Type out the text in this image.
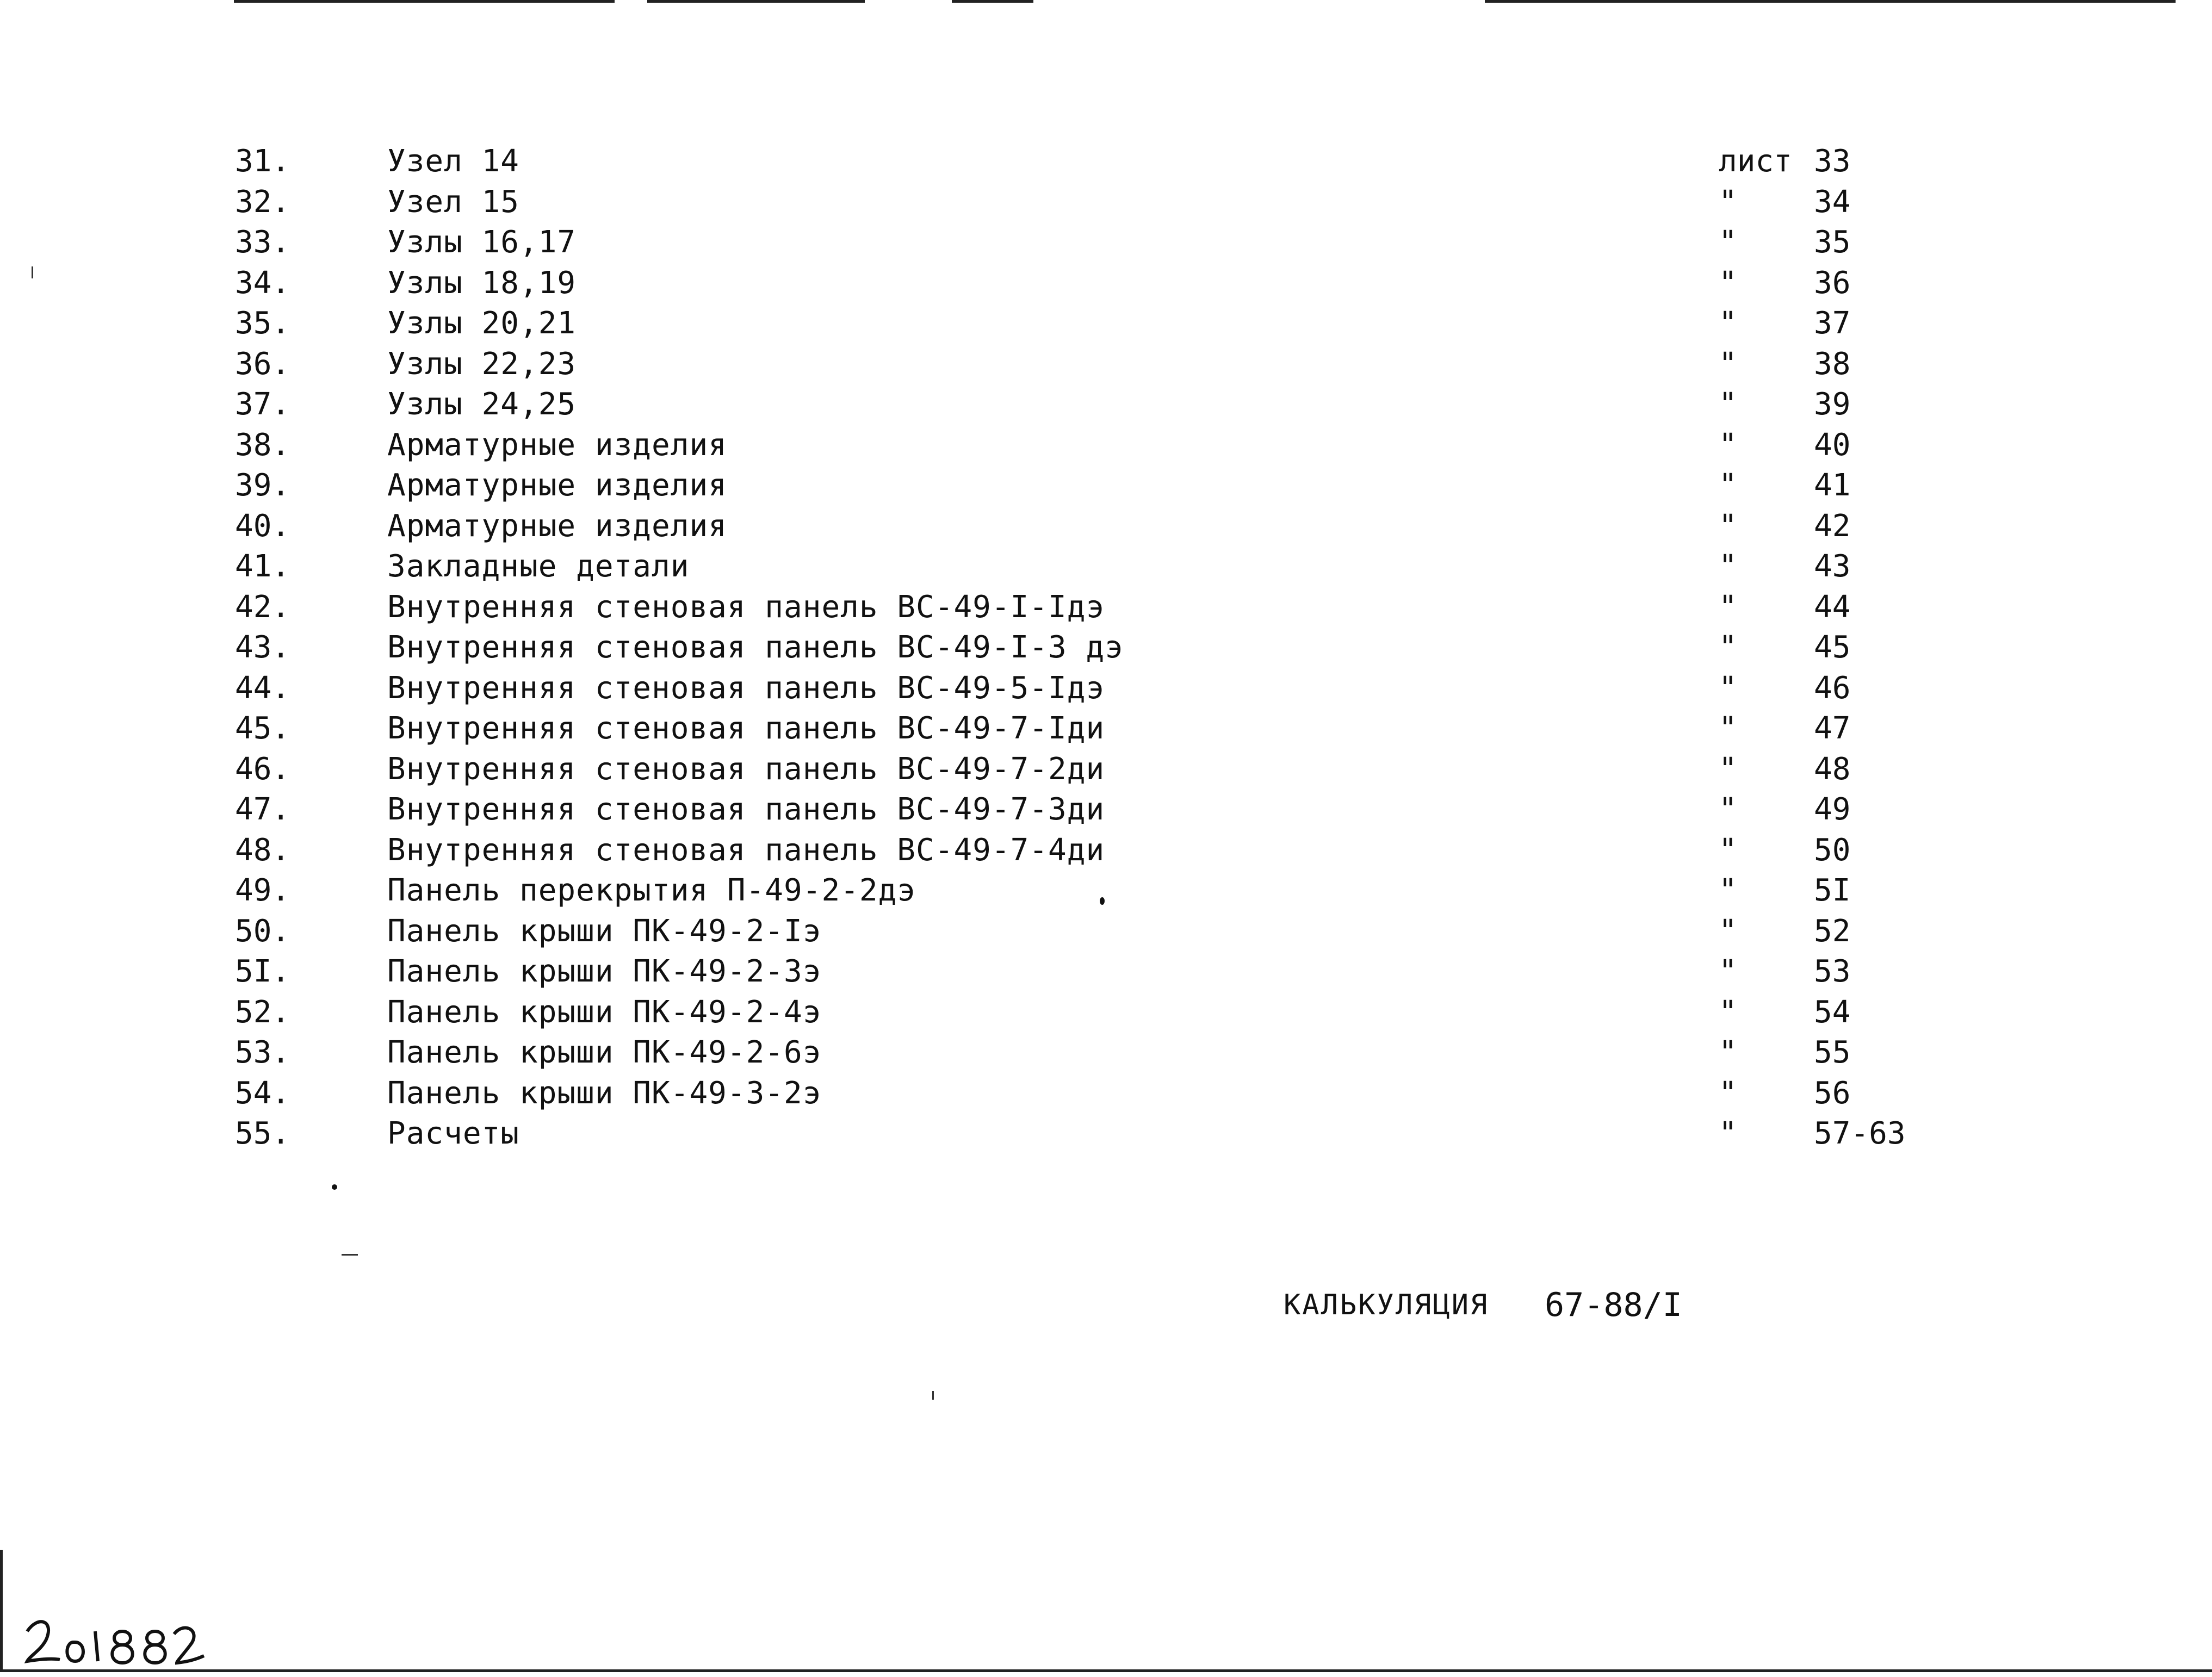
31.	Узел 14	лист 33
32.	Узел 15	"	34
33.	Узлы 16,17	"	35
34.	Узлы 18,19	"	36
35.	Узлы 20,21	"	37
36.	Узлы 22,23	"	38
37.	Узлы 24,25	"	39
38.	Арматурные изделия	"	40
39.	Арматурные изделия	"	41
40.	Арматурные изделия	"	42
41.	Закладные детали	"	43
42.	Внутренняя стеновая панель ВС-49-I-Iдэ	"	44
43.	Внутренняя стеновая панель ВС-49-I-3 дэ	"	45
44.	Внутренняя стеновая панель ВС-49-5-Iдэ	"	46
45.	Внутренняя стеновая панель ВС-49-7-Iди	"	47
46.	Внутренняя стеновая панель ВС-49-7-2ди	"	48
47.	Внутренняя стеновая панель ВС-49-7-3ди	"	49
48.	Внутренняя стеновая панель ВС-49-7-4ди	"	50
49.	Панель перекрытия П-49-2-2дэ	"	5I
50.	Панель крыши ПК-49-2-Iэ	"	52
5I.	Панель крыши ПК-49-2-3э	"	53
52.	Панель крыши ПК-49-2-4э	"	54
53.	Панель крыши ПК-49-2-6э	"	55
54.	Панель крыши ПК-49-3-2э	"	56
55.	Расчеты	"	57-63
КАЛЬКУЛЯЦИЯ 67-88/I
